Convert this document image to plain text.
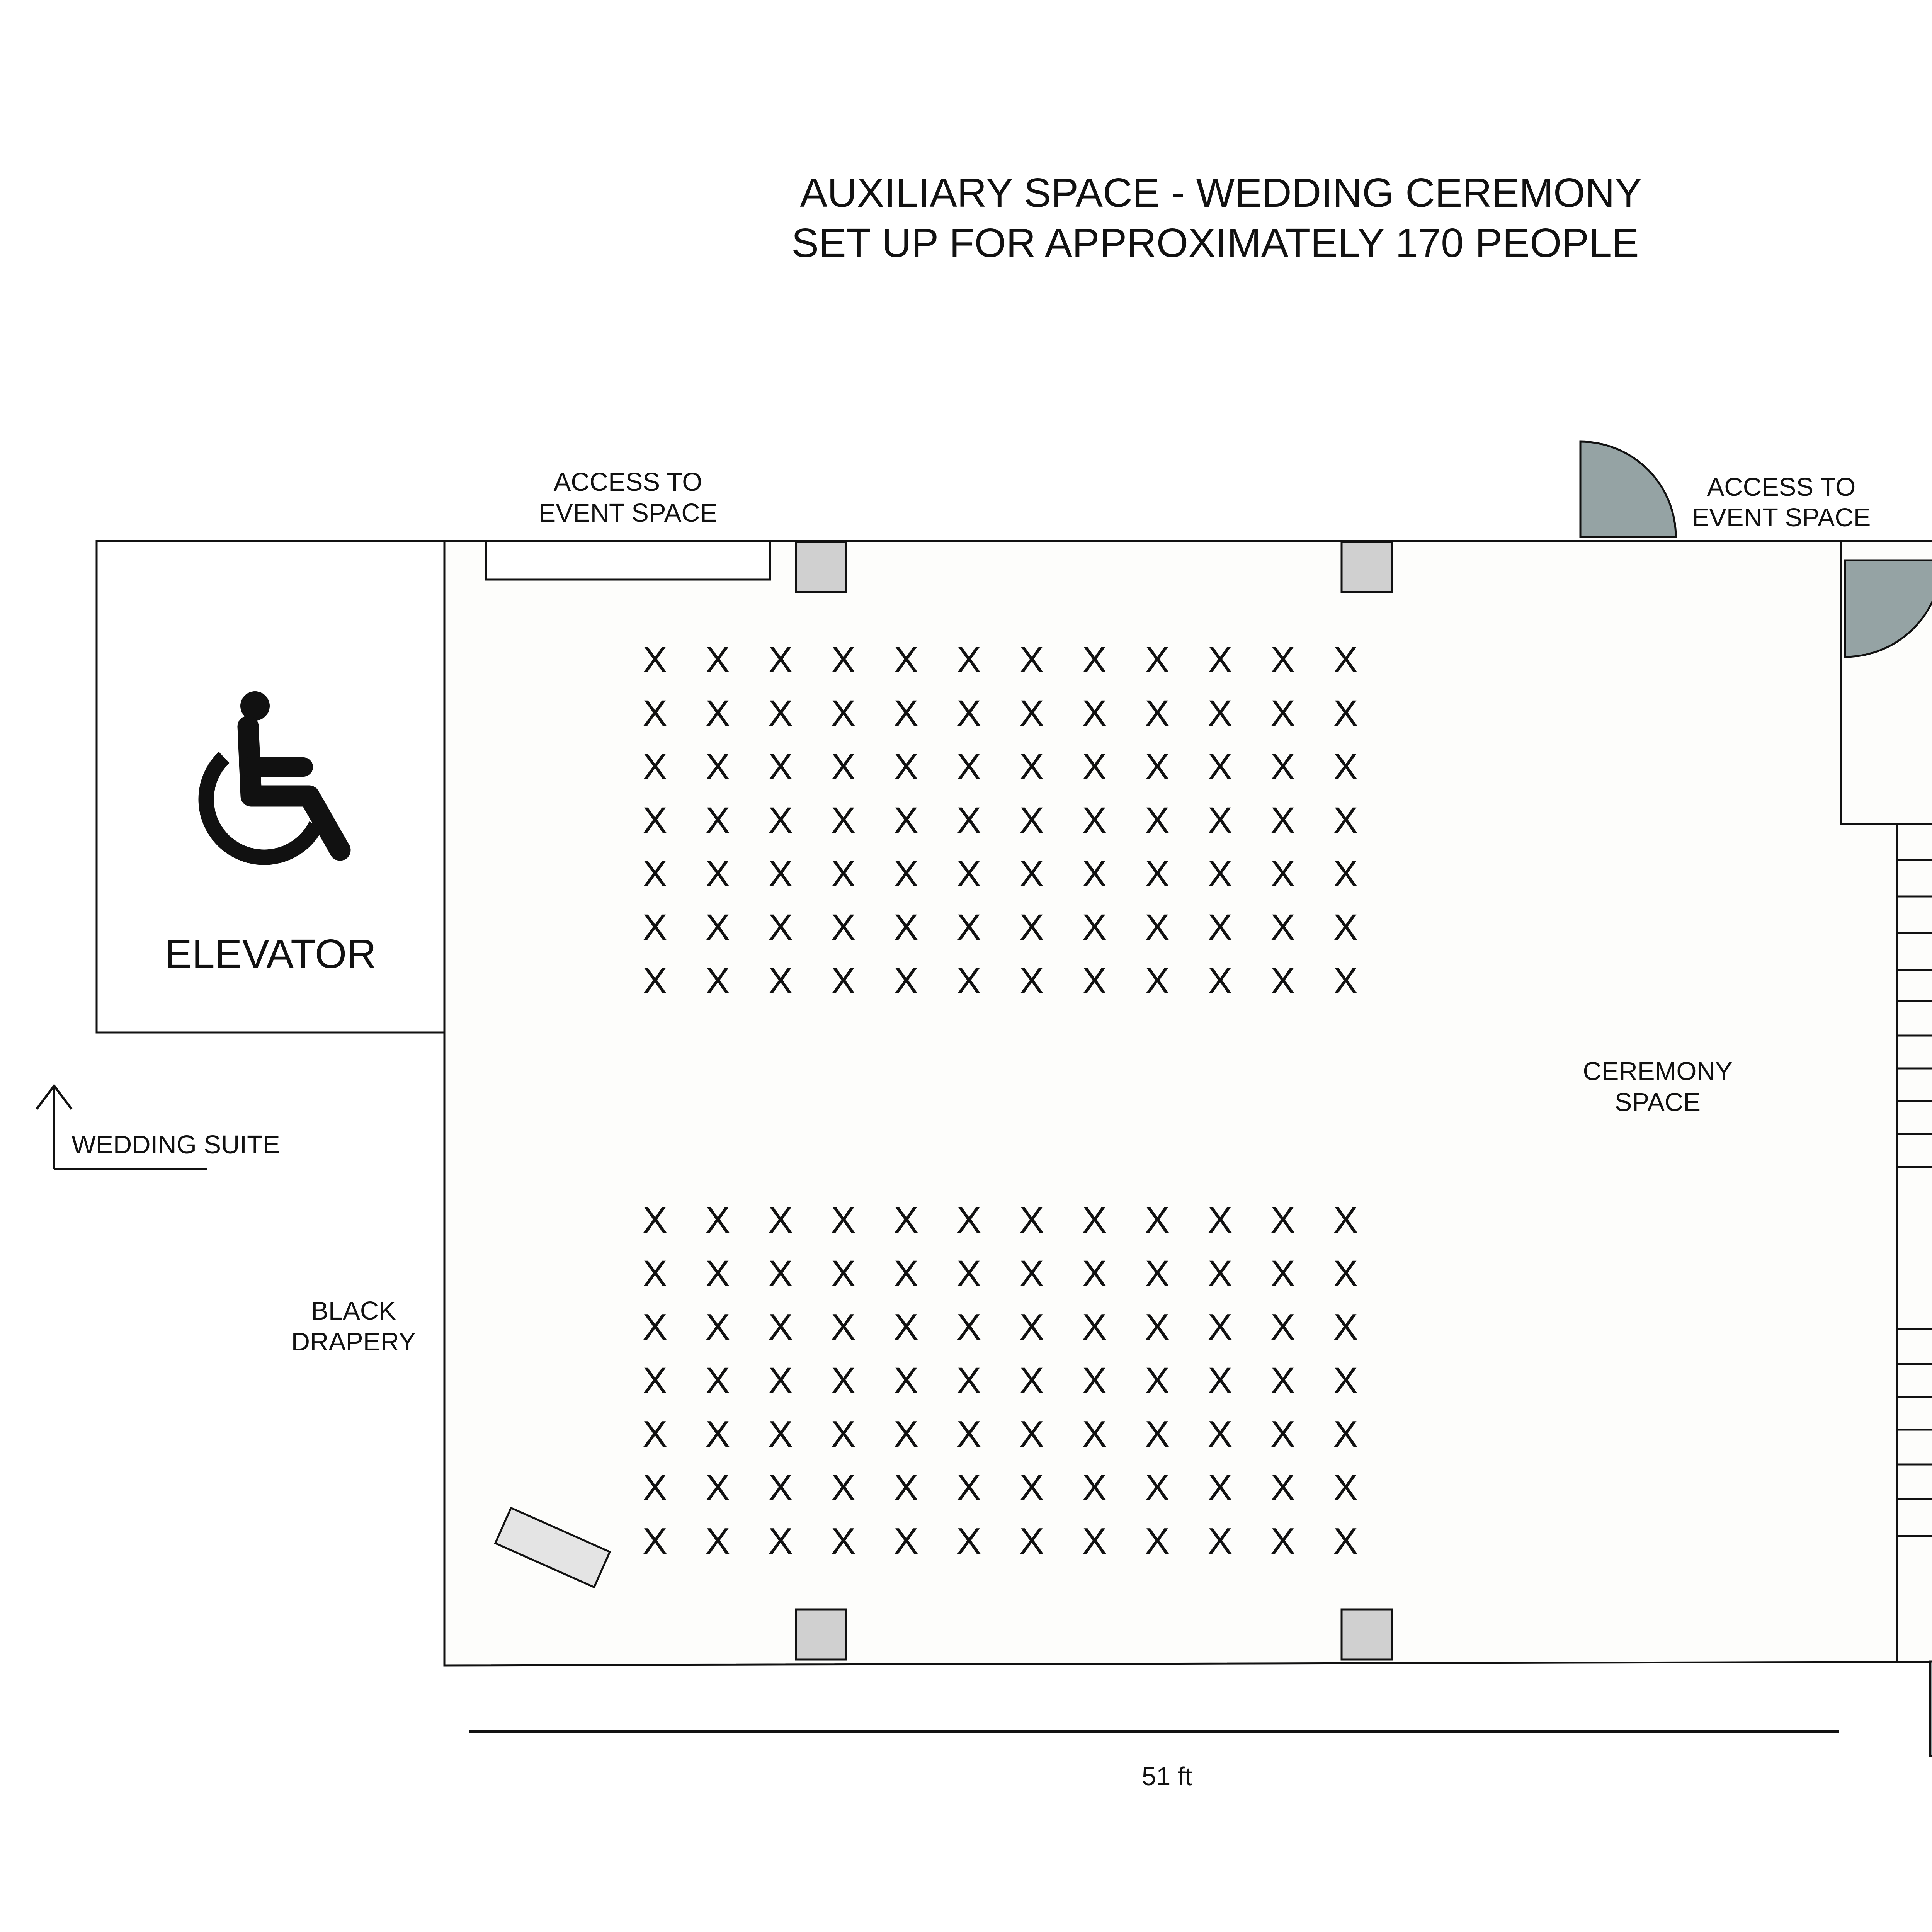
AUXILIARY SPACE - WEDDING CEREMONY
SET UP FOR APPROXIMATELY 170 PEOPLE
ELEVATOR
WEDDING SUITE
BLACK
DRAPERY
ACCESS TO
EVENT SPACE
ACCESS TO
EVENT SPACE
X X X X X X X X X X X X
X X X X X X X X X X X X
X X X X X X X X X X X X
X X X X X X X X X X X X
X X X X X X X X X X X X
X X X X X X X X X X X X
X X X X X X X X X X X X
X X X X X X X X X X X X
X X X X X X X X X X X X
X X X X X X X X X X X X
X X X X X X X X X X X X
X X X X X X X X X X X X
X X X X X X X X X X X X
X X X X X X X X X X X X
CEREMONY
SPACE
51 ft
